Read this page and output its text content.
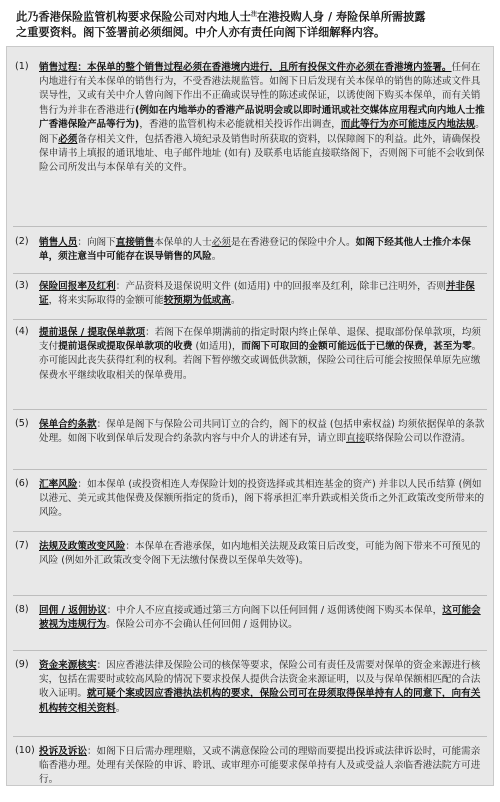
此乃香港保险监管机构要求保险公司对内地人士$^注$在港投购人身 / 寿险保单所需披露
之重要资料。阁下签署前必须细阅。中介人亦有责任向阁下详细解释内容。
(1)	销售过程：本保单的整个销售过程必须在香港境内进行，且所有投保文件亦必须在香港境内签署。任何在内地进行有关本保单的销售行为，不受香港法规监管。如阁下日后发现有关本保单的销售的陈述或文件具误导性，又或有关中介人曾向阁下作出不正确或误导性的陈述或保证，以诱使阁下购买本保单，而有关销售行为并非在香港进行(例如在内地举办的香港产品说明会或以即时通讯或社交媒体应用程式向内地人士推广香港保险产品等行为)，香港的监管机构未必能就相关投诉作出调查，而此等行为亦可能违反内地法规。阁下必须备存相关文件，包括香港入境纪录及销售时所获取的资料，以保障阁下的利益。此外，请确保投保申请书上填报的通讯地址、电子邮件地址 (如有) 及联系电话能直接联络阁下，否则阁下可能不会收到保险公司所发出与本保单有关的文件。
(2)	销售人员：向阁下直接销售本保单的人士必须是在香港登记的保险中介人。如阁下经其他人士推介本保单，须注意当中可能存在误导销售的风险。
(3)	保险回报率及红利：产品资料及退保说明文件 (如适用) 中的回报率及红利，除非已注明外，否则并非保证，将来实际取得的金额可能较预期为低或高。
(4)	提前退保 / 提取保单款项：若阁下在保单期满前的指定时限内终止保单、退保、提取部份保单款项，均须支付提前退保或提取保单款项的收费 (如适用)，而阁下可取回的金额可能远低于已缴的保费，甚至为零。亦可能因此丧失获得红利的权利。若阁下暂停缴交或调低供款额，保险公司往后可能会按照保单原先应缴保费水平继续收取相关的保单费用。
(5)	保单合约条款：保单是阁下与保险公司共同订立的合约，阁下的权益 (包括申索权益) 均须依据保单的条款处理。如阁下收到保单后发现合约条款内容与中介人的讲述有异，请立即直接联络保险公司以作澄清。
(6)	汇率风险：如本保单 (或投资相连人寿保险计划的投资选择或其相连基金的资产) 并非以人民币结算 (例如以港元、美元或其他保费及保额所指定的货币)，阁下将承担汇率升跌或相关货币之外汇政策改变所带来的风险。
(7)	法规及政策改变风险：本保单在香港承保，如内地相关法规及政策日后改变，可能为阁下带来不可预见的风险 (例如外汇政策改变令阁下无法缴付保费以至保单失效等)。
(8)	回佣 / 返佣协议：中介人不应直接或通过第三方向阁下以任何回佣 / 返佣诱使阁下购买本保单，这可能会被视为违规行为。保险公司亦不会确认任何回佣 / 返佣协议。
(9)	资金来源核实：因应香港法律及保险公司的核保等要求，保险公司有责任及需要对保单的资金来源进行核实，包括在需要时或较高风险的情况下要求投保人提供合法资金来源证明，以及与保单保额相匹配的合法收入证明。就可疑个案或因应香港执法机构的要求，保险公司可在毋须取得保单持有人的同意下，向有关机构转交相关资料。
(10) 投诉及诉讼：如阁下日后需办理理赔，又或不满意保险公司的理赔而要提出投诉或法律诉讼时，可能需亲临香港办理。处理有关保险的申诉、聆讯、或审理亦可能要求保单持有人及或受益人亲临香港法院方可进行。
